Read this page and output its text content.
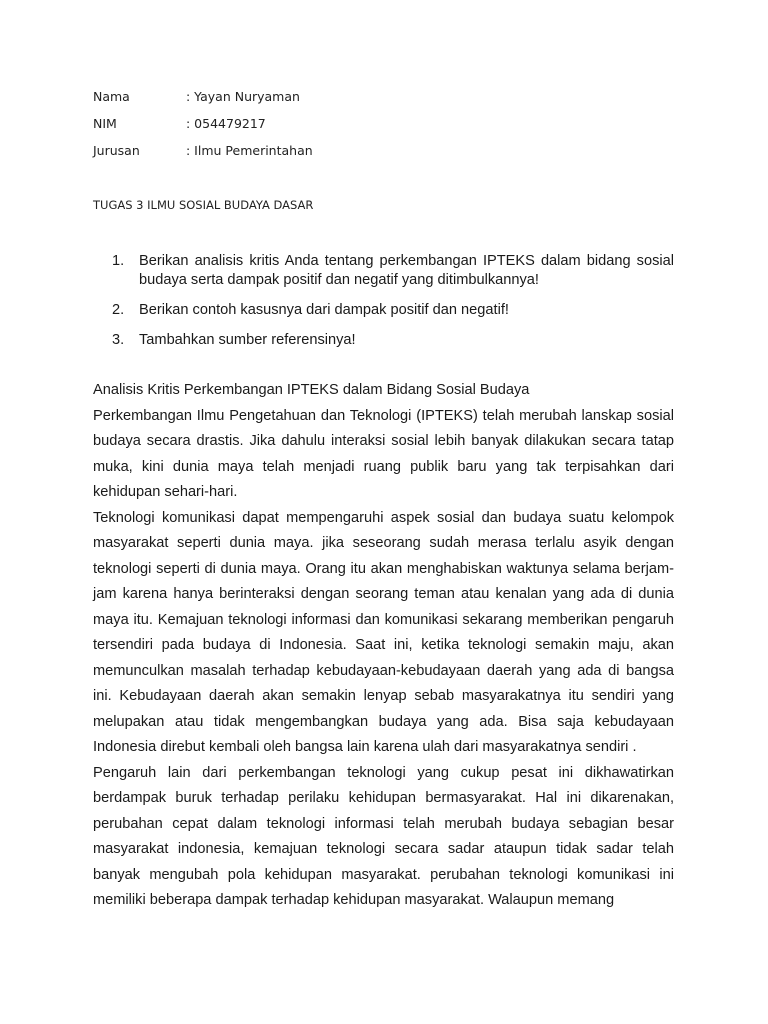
Nama	: Yayan Nuryaman
NIM	: 054479217
Jurusan	: Ilmu Pemerintahan
TUGAS 3 ILMU SOSIAL BUDAYA DASAR
1. Berikan analisis kritis Anda tentang perkembangan IPTEKS dalam bidang sosial budaya serta dampak positif dan negatif yang ditimbulkannya!
2. Berikan contoh kasusnya dari dampak positif dan negatif!
3. Tambahkan sumber referensinya!

Analisis Kritis Perkembangan IPTEKS dalam Bidang Sosial Budaya

Perkembangan Ilmu Pengetahuan dan Teknologi (IPTEKS) telah merubah lanskap sosial budaya secara drastis. Jika dahulu interaksi sosial lebih banyak dilakukan secara tatap muka, kini dunia maya telah menjadi ruang publik baru yang tak terpisahkan dari kehidupan sehari-hari.

Teknologi komunikasi dapat mempengaruhi aspek sosial dan budaya suatu kelompok masyarakat seperti dunia maya. jika seseorang sudah merasa terlalu asyik dengan teknologi seperti di dunia maya. Orang itu akan menghabiskan waktunya selama berjam-jam karena hanya berinteraksi dengan seorang teman atau kenalan yang ada di dunia maya itu. Kemajuan teknologi informasi dan komunikasi sekarang memberikan pengaruh tersendiri pada budaya di Indonesia. Saat ini, ketika teknologi semakin maju, akan memunculkan masalah terhadap kebudayaan-kebudayaan daerah yang ada di bangsa ini. Kebudayaan daerah akan semakin lenyap sebab masyarakatnya itu sendiri yang melupakan atau tidak mengembangkan budaya yang ada. Bisa saja kebudayaan Indonesia direbut kembali oleh bangsa lain karena ulah dari masyarakatnya sendiri .

Pengaruh lain dari perkembangan teknologi yang cukup pesat ini dikhawatirkan berdampak buruk terhadap perilaku kehidupan bermasyarakat. Hal ini dikarenakan, perubahan cepat dalam teknologi informasi telah merubah budaya sebagian besar masyarakat indonesia, kemajuan teknologi secara sadar ataupun tidak sadar telah banyak mengubah pola kehidupan masyarakat. perubahan teknologi komunikasi ini memiliki beberapa dampak terhadap kehidupan masyarakat. Walaupun memang
